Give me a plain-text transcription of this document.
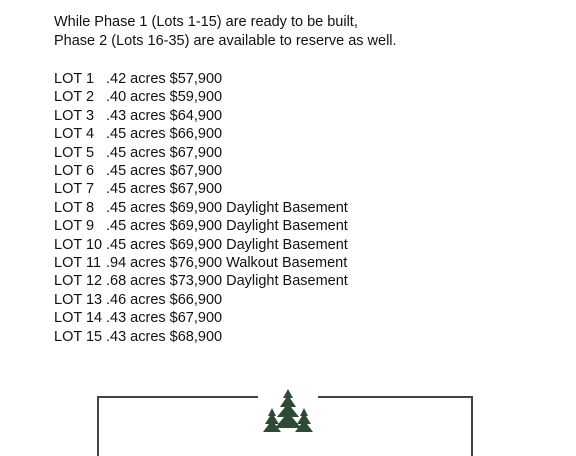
While Phase 1 (Lots 1-15) are ready to be built,
Phase 2 (Lots 16-35) are available to reserve as well.
LOT 1 .42 acres $57,900
LOT 2 .40 acres $59,900
LOT 3 .43 acres $64,900
LOT 4 .45 acres $66,900
LOT 5 .45 acres $67,900
LOT 6 .45 acres $67,900
LOT 7 .45 acres $67,900
LOT 8 .45 acres $69,900 Daylight Basement
LOT 9 .45 acres $69,900 Daylight Basement
LOT 10 .45 acres $69,900 Daylight Basement
LOT 11 .94 acres $76,900 Walkout Basement
LOT 12 .68 acres $73,900 Daylight Basement
LOT 13 .46 acres $66,900
LOT 14 .43 acres $67,900
LOT 15 .43 acres $68,900
